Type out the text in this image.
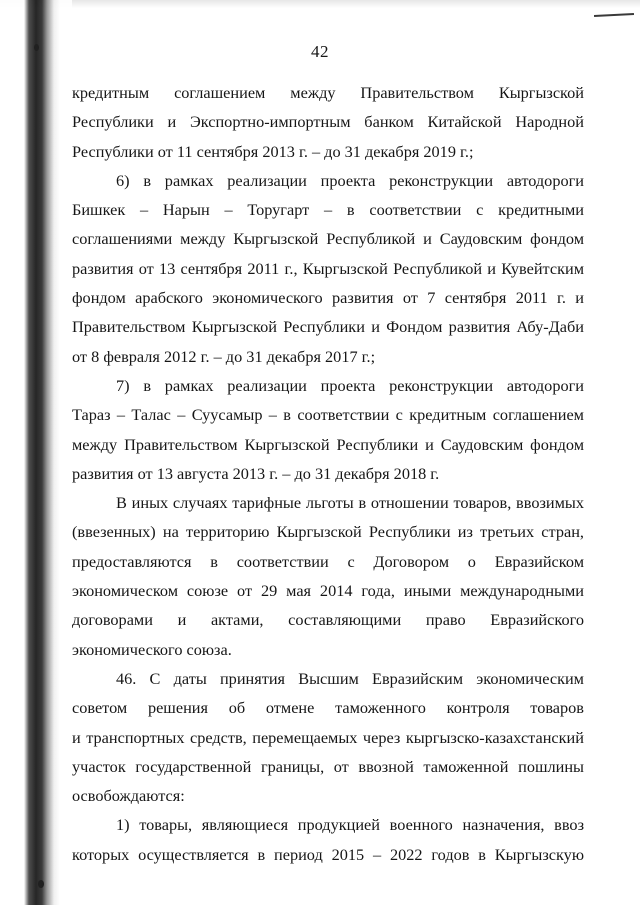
42

кредитным соглашением между Правительством Кыргызской

Республики и Экспортно-импортным банком Китайской Народной

Республики от 11 сентября 2013 г. – до 31 декабря 2019 г.;

6) в рамках реализации проекта реконструкции автодороги

Бишкек – Нарын – Торугарт – в соответствии с кредитными

соглашениями между Кыргызской Республикой и Саудовским фондом

развития от 13 сентября 2011 г., Кыргызской Республикой и Кувейтским

фондом арабского экономического развития от 7 сентября 2011 г. и

Правительством Кыргызской Республики и Фондом развития Абу-Даби

от 8 февраля 2012 г. – до 31 декабря 2017 г.;

7) в рамках реализации проекта реконструкции автодороги

Тараз – Талас – Суусамыр – в соответствии с кредитным соглашением

между Правительством Кыргызской Республики и Саудовским фондом

развития от 13 августа 2013 г. – до 31 декабря 2018 г.

В иных случаях тарифные льготы в отношении товаров, ввозимых

(ввезенных) на территорию Кыргызской Республики из третьих стран,

предоставляются в соответствии с Договором о Евразийском

экономическом союзе от 29 мая 2014 года, иными международными

договорами и актами, составляющими право Евразийского

экономического союза.

46. С даты принятия Высшим Евразийским экономическим

советом решения об отмене таможенного контроля товаров

и транспортных средств, перемещаемых через кыргызско-казахстанский

участок государственной границы, от ввозной таможенной пошлины

освобождаются:

1) товары, являющиеся продукцией военного назначения, ввоз

которых осуществляется в период 2015 – 2022 годов в Кыргызскую
